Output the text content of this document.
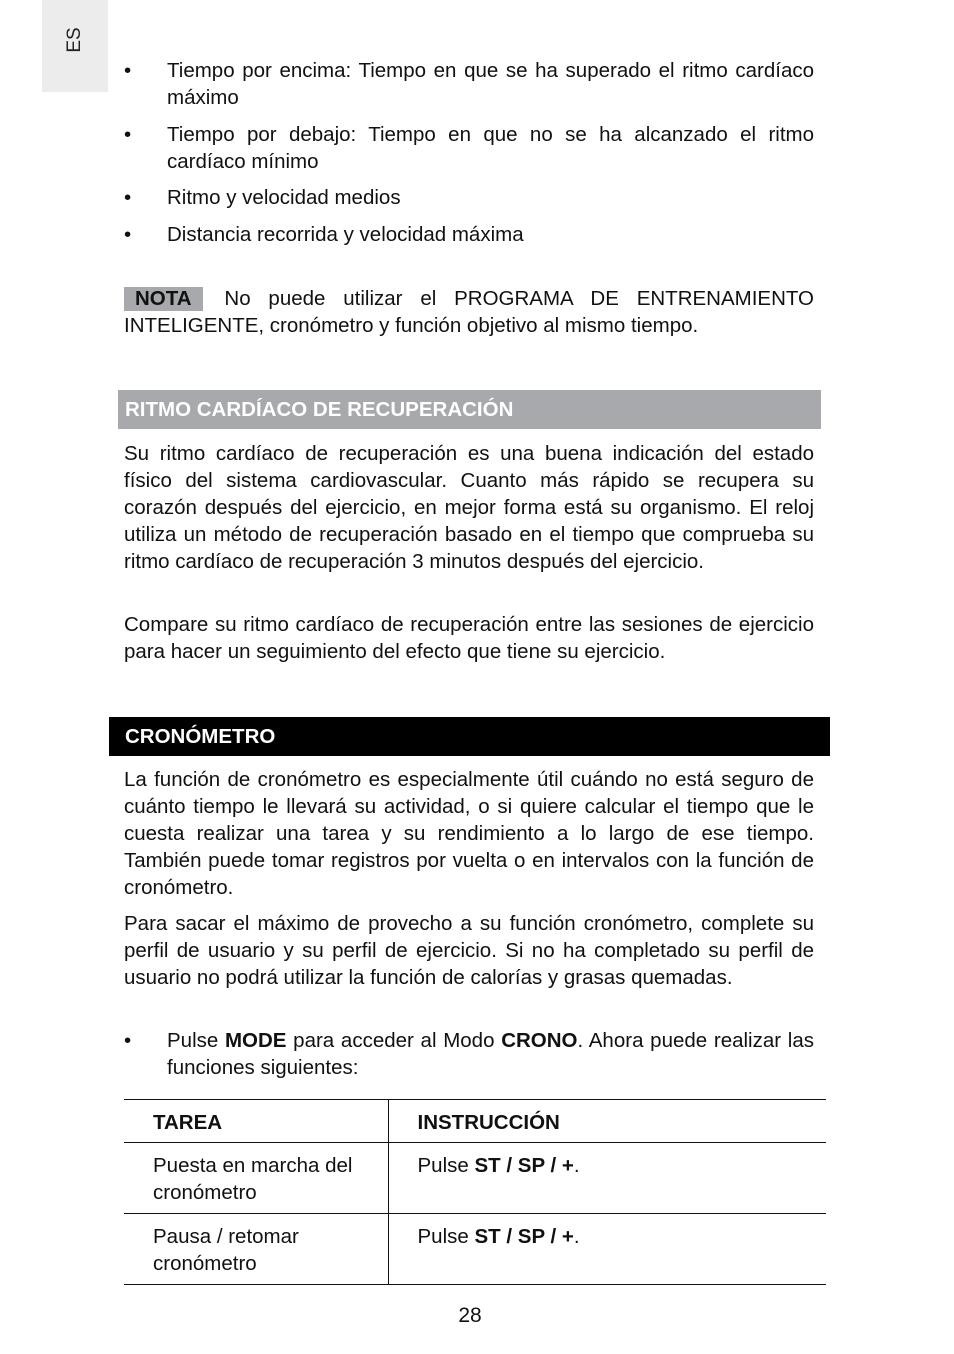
ES
• Tiempo por encima: Tiempo en que se ha superado el ritmo cardíaco máximo
• Tiempo por debajo: Tiempo en que no se ha alcanzado el ritmo cardíaco mínimo
• Ritmo y velocidad medios
• Distancia recorrida y velocidad máxima
NOTA No puede utilizar el PROGRAMA DE ENTRENAMIENTO INTELIGENTE, cronómetro y función objetivo al mismo tiempo.
RITMO CARDÍACO DE RECUPERACIÓN
Su ritmo cardíaco de recuperación es una buena indicación del estado físico del sistema cardiovascular. Cuanto más rápido se recupera su corazón después del ejercicio, en mejor forma está su organismo. El reloj utiliza un método de recuperación basado en el tiempo que comprueba su ritmo cardíaco de recuperación 3 minutos después del ejercicio.
Compare su ritmo cardíaco de recuperación entre las sesiones de ejercicio para hacer un seguimiento del efecto que tiene su ejercicio.
CRONÓMETRO
La función de cronómetro es especialmente útil cuándo no está seguro de cuánto tiempo le llevará su actividad, o si quiere calcular el tiempo que le cuesta realizar una tarea y su rendimiento a lo largo de ese tiempo. También puede tomar registros por vuelta o en intervalos con la función de cronómetro.
Para sacar el máximo de provecho a su función cronómetro, complete su perfil de usuario y su perfil de ejercicio. Si no ha completado su perfil de usuario no podrá utilizar la función de calorías y grasas quemadas.
• Pulse MODE para acceder al Modo CRONO. Ahora puede realizar las funciones siguientes:
TAREA	INSTRUCCIÓN
Puesta en marcha del cronómetro	Pulse ST / SP / +.
Pausa / retomar cronómetro	Pulse ST / SP / +.
28
